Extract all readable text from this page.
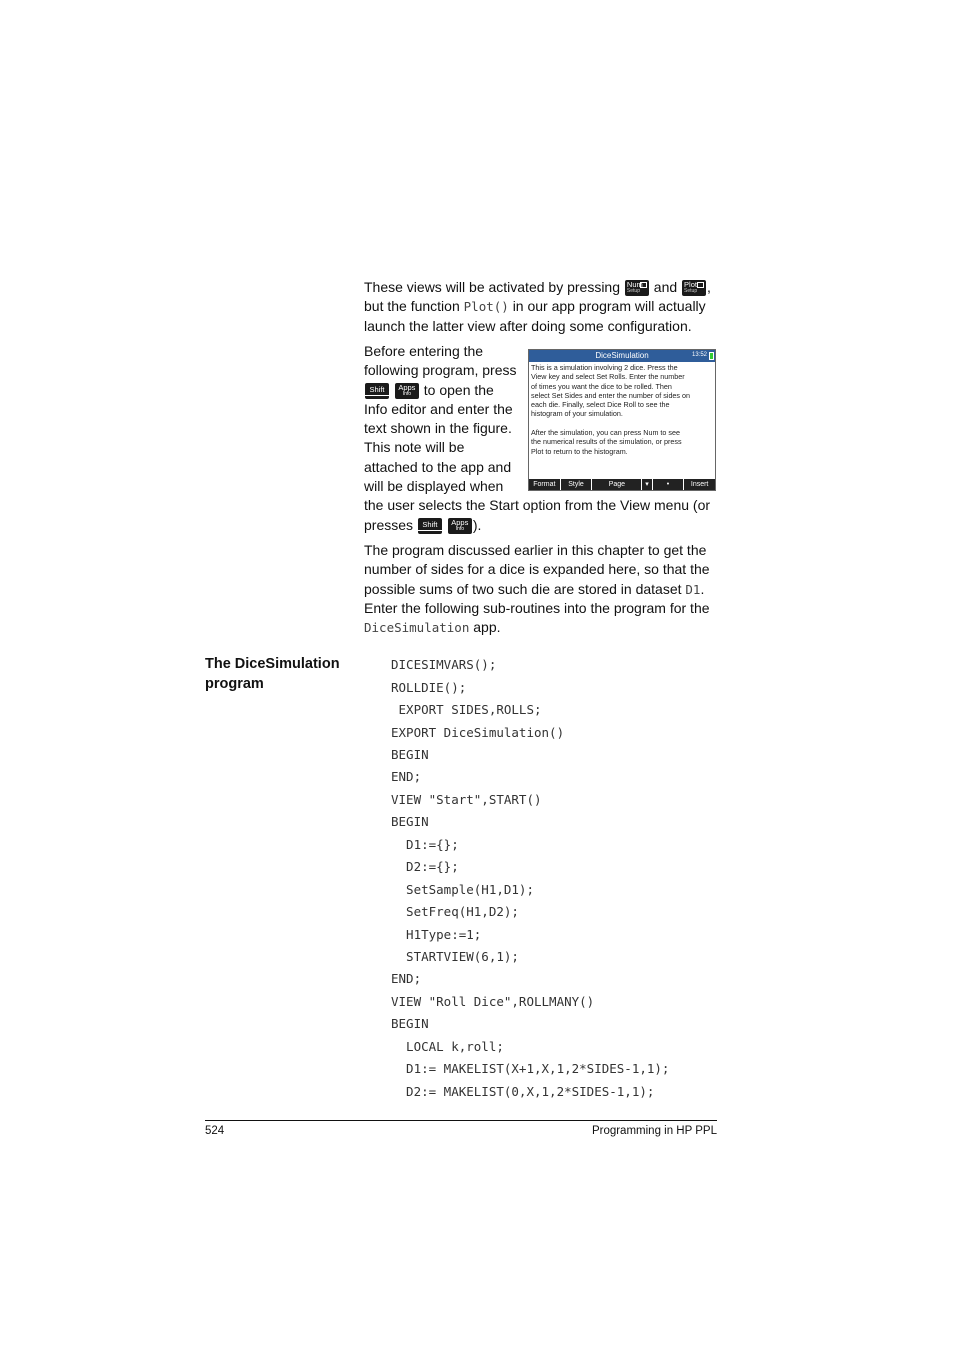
These views will be activated by pressing Num
Setup and Plot
Setup ,
but the function Plot() in our app program will actually
launch the latter view after doing some configuration.
Before entering the
following program, press
Shift
	Apps
Info to open the
Info editor and enter the
text shown in the figure.
This note will be
attached to the app and
will be displayed when
the user selects the Start option from the View menu (or
presses	Shift
	Apps
Info ).
DiceSimulation	13:52
This is a simulation involving 2 dice. Press the
View key and select Set Rolls. Enter the number
of times you want the dice to be rolled. Then
select Set Sides and enter the number of sides on
each die. Finally, select Dice Roll to see the
histogram of your simulation.
After the simulation, you can press Num to see
the numerical results of the simulation, or press
Plot to return to the histogram.
Format	Style	Page	▾	•	Insert
The program discussed earlier in this chapter to get the
number of sides for a dice is expanded here, so that the
possible sums of two such die are stored in dataset D1.
Enter the following sub-routines into the program for the
DiceSimulation app.
The DiceSimulation
program
DICESIMVARS();
ROLLDIE();
EXPORT SIDES,ROLLS;
EXPORT DiceSimulation()
BEGIN
END;
VIEW "Start",START()
BEGIN
D1:={};
D2:={};
SetSample(H1,D1);
SetFreq(H1,D2);
H1Type:=1;
STARTVIEW(6,1);
END;
VIEW "Roll Dice",ROLLMANY()
BEGIN
LOCAL k,roll;
D1:= MAKELIST(X+1,X,1,2*SIDES-1,1);
D2:= MAKELIST(0,X,1,2*SIDES-1,1);
524	Programming in HP PPL
